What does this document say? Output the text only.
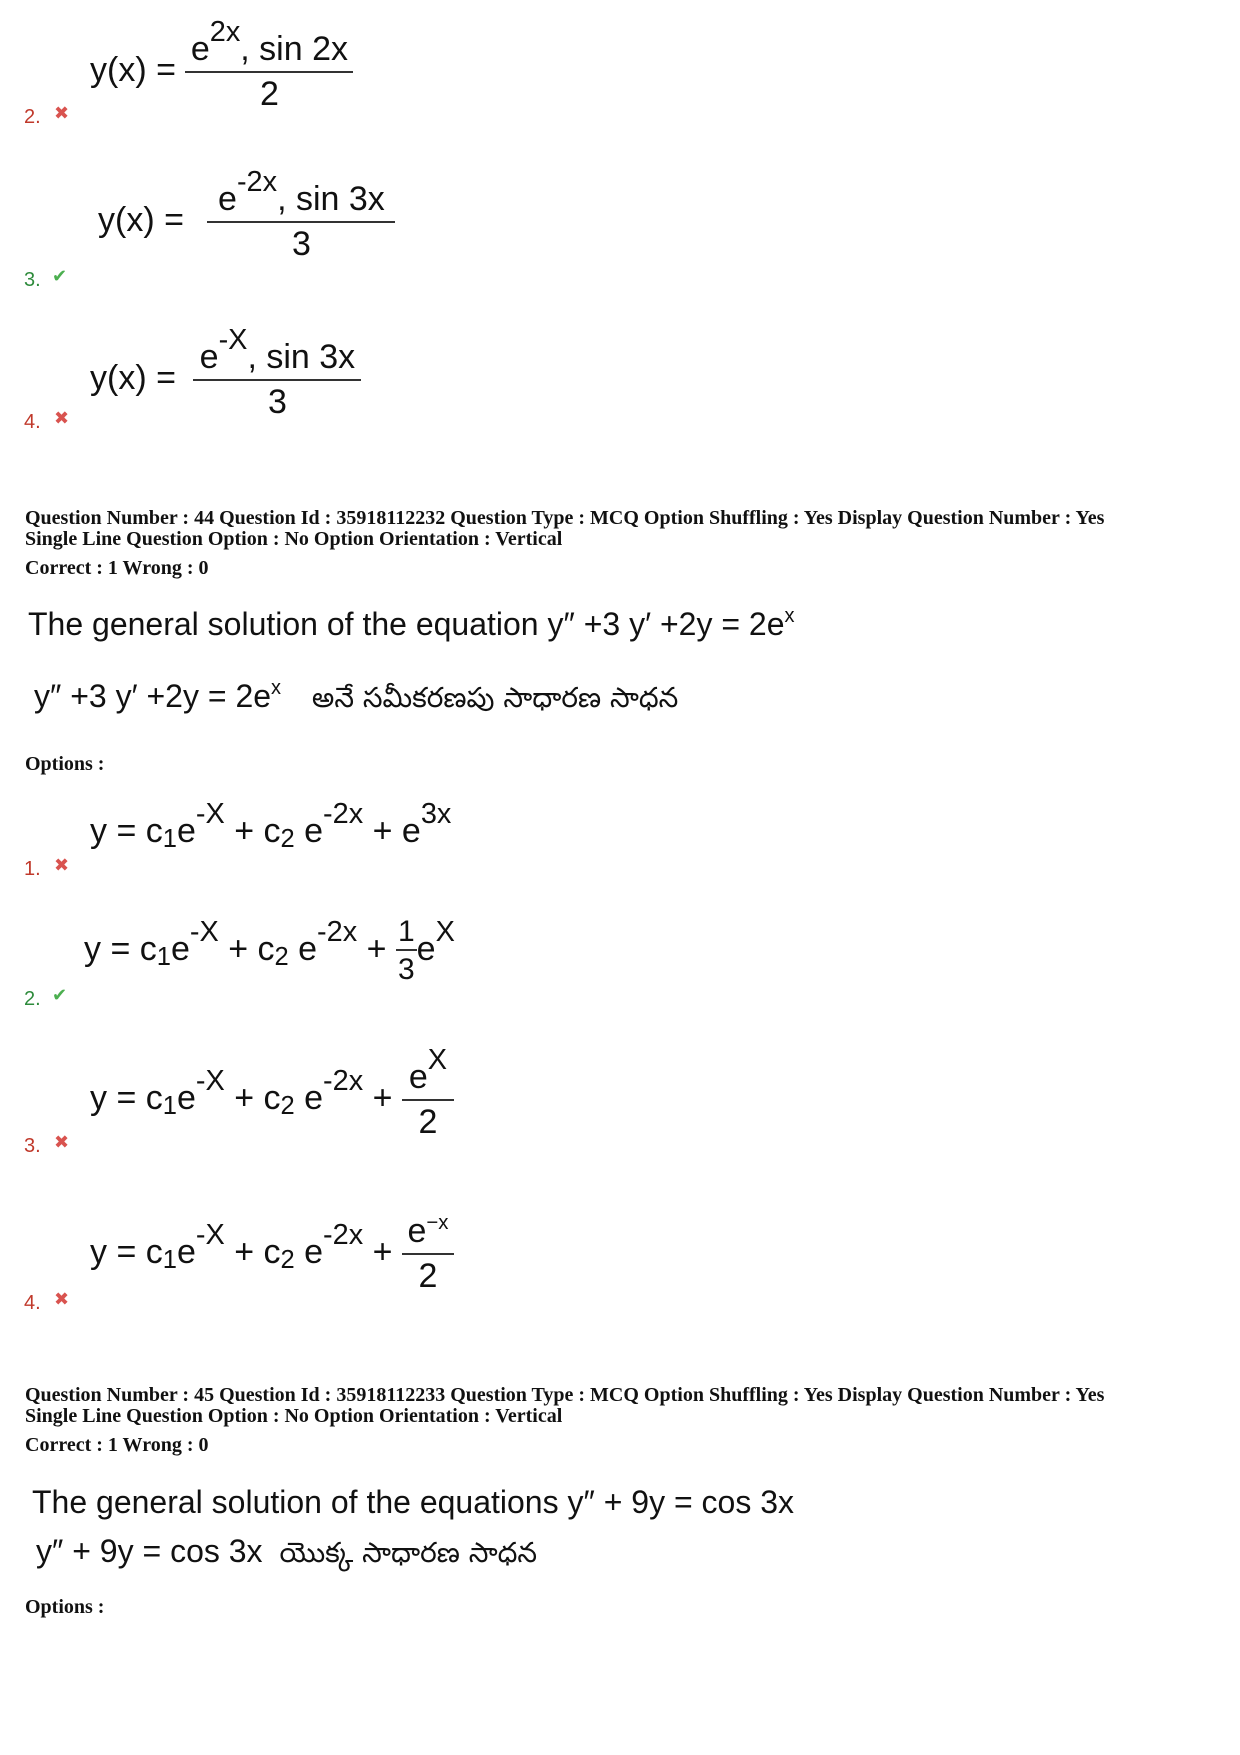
2. ✖
$y(x) = \frac{e^{2x}, \sin 2x}{2}$
3. ✔
$y(x) = \frac{e^{-2x}, \sin 3x}{3}$
4. ✖
$y(x) = \frac{e^{-X}, \sin 3x}{3}$
Question Number : 44 Question Id : 35918112232 Question Type : MCQ Option Shuffling : Yes Display Question Number : Yes
Single Line Question Option : No Option Orientation : Vertical
Correct : 1 Wrong : 0
The general solution of the equation y″ +3 $y' +2y = 2e^x$
y″ +3 $y' +2y = 2e^x$ అనే సమీకరణపు సాధారణ సాధన
Options :
1. ✖
$y = c_1e^{-X} + c_2$ $e^{-2x} + e^{3x}$
2. ✔
$y = c_1e^{-X} + c_2$ $e^{-2x} + \frac{1}{3} e^X$
3. ✖
$y = c_1e^{-X} + c_2$ $e^{-2x} + \frac{e^X}{2}$
4. ✖
$y = c_1e^{-X} + c_2$ $e^{-2x} + \frac{e^{-x}}{2}$
Question Number : 45 Question Id : 35918112233 Question Type : MCQ Option Shuffling : Yes Display Question Number : Yes
Single Line Question Option : No Option Orientation : Vertical
Correct : 1 Wrong : 0
The general solution of the equations y″ + 9y = cos 3x
y″ + 9y = cos 3x యొక్క సాధారణ సాధన
Options :
